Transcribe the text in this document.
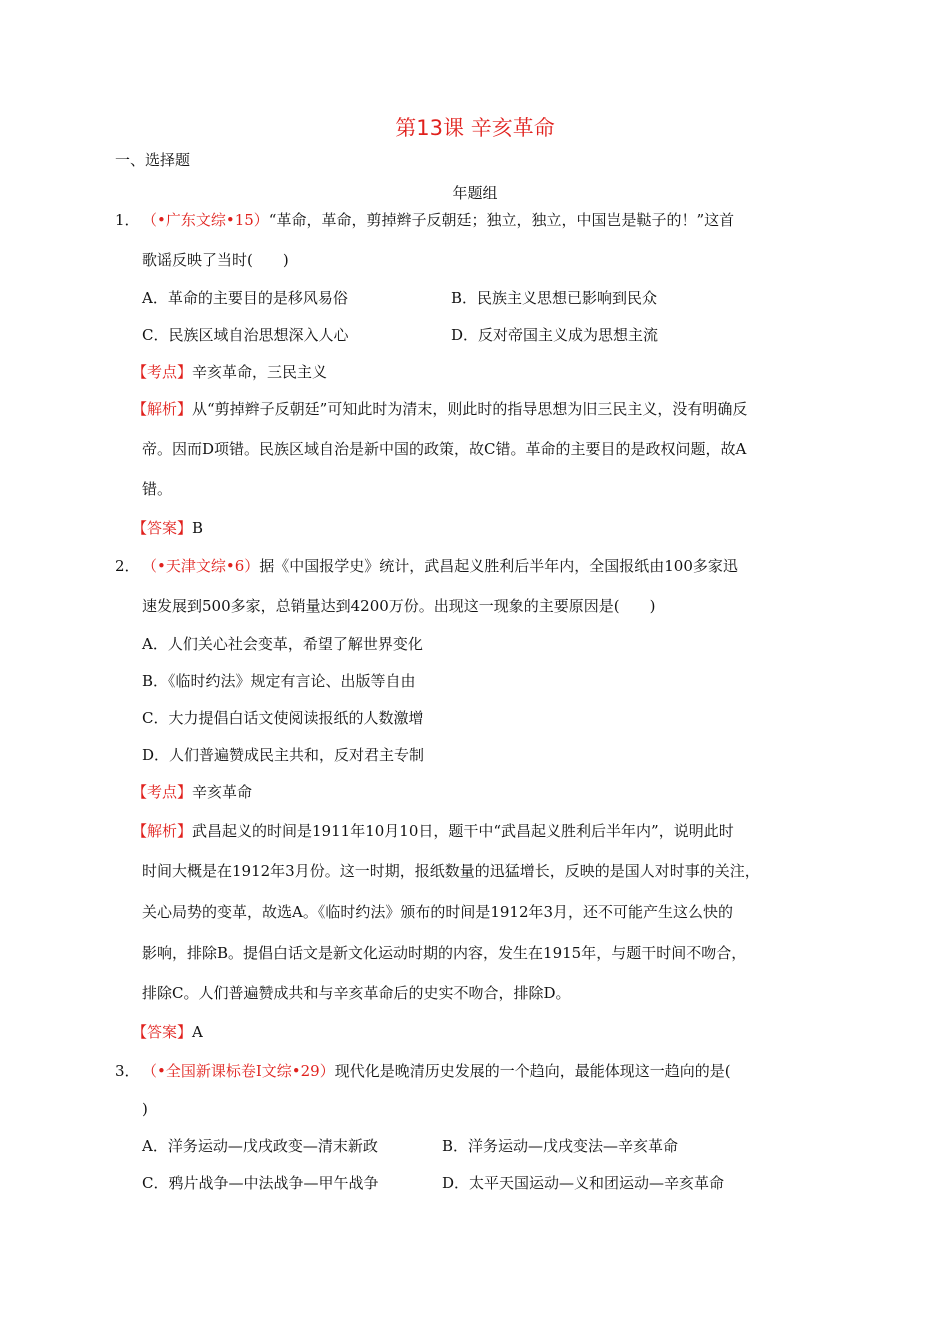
第13课 辛亥革命
一、选择题
年题组
1． （•广东文综•15）“革命，革命，剪掉辫子反朝廷；独立，独立，中国岂是鞑子的！”这首
歌谣反映了当时(　　)
A．革命的主要目的是移风易俗	B．民族主义思想已影响到民众
C．民族区域自治思想深入人心	D．反对帝国主义成为思想主流
【考点】辛亥革命，三民主义
【解析】从“剪掉辫子反朝廷”可知此时为清末，则此时的指导思想为旧三民主义，没有明确反
帝。因而D项错。民族区域自治是新中国的政策，故C错。革命的主要目的是政权问题，故A
错。
【答案】B
2． （•天津文综•6）据《中国报学史》统计，武昌起义胜利后半年内，全国报纸由100多家迅
速发展到500多家，总销量达到4200万份。出现这一现象的主要原因是(　　)
A．人们关心社会变革，希望了解世界变化
B．《临时约法》规定有言论、出版等自由
C．大力提倡白话文使阅读报纸的人数激增
D．人们普遍赞成民主共和，反对君主专制
【考点】辛亥革命
【解析】武昌起义的时间是1911年10月10日，题干中“武昌起义胜利后半年内”，说明此时
时间大概是在1912年3月份。这一时期，报纸数量的迅猛增长，反映的是国人对时事的关注，
关心局势的变革，故选A。《临时约法》颁布的时间是1912年3月，还不可能产生这么快的
影响，排除B。提倡白话文是新文化运动时期的内容，发生在1915年，与题干时间不吻合，
排除C。人们普遍赞成共和与辛亥革命后的史实不吻合，排除D。
【答案】A
3． （•全国新课标卷Ⅰ文综•29）现代化是晚清历史发展的一个趋向，最能体现这一趋向的是(
)
A．洋务运动—戊戌政变—清末新政	B．洋务运动—戊戌变法—辛亥革命
C．鸦片战争—中法战争—甲午战争	D．太平天国运动—义和团运动—辛亥革命
